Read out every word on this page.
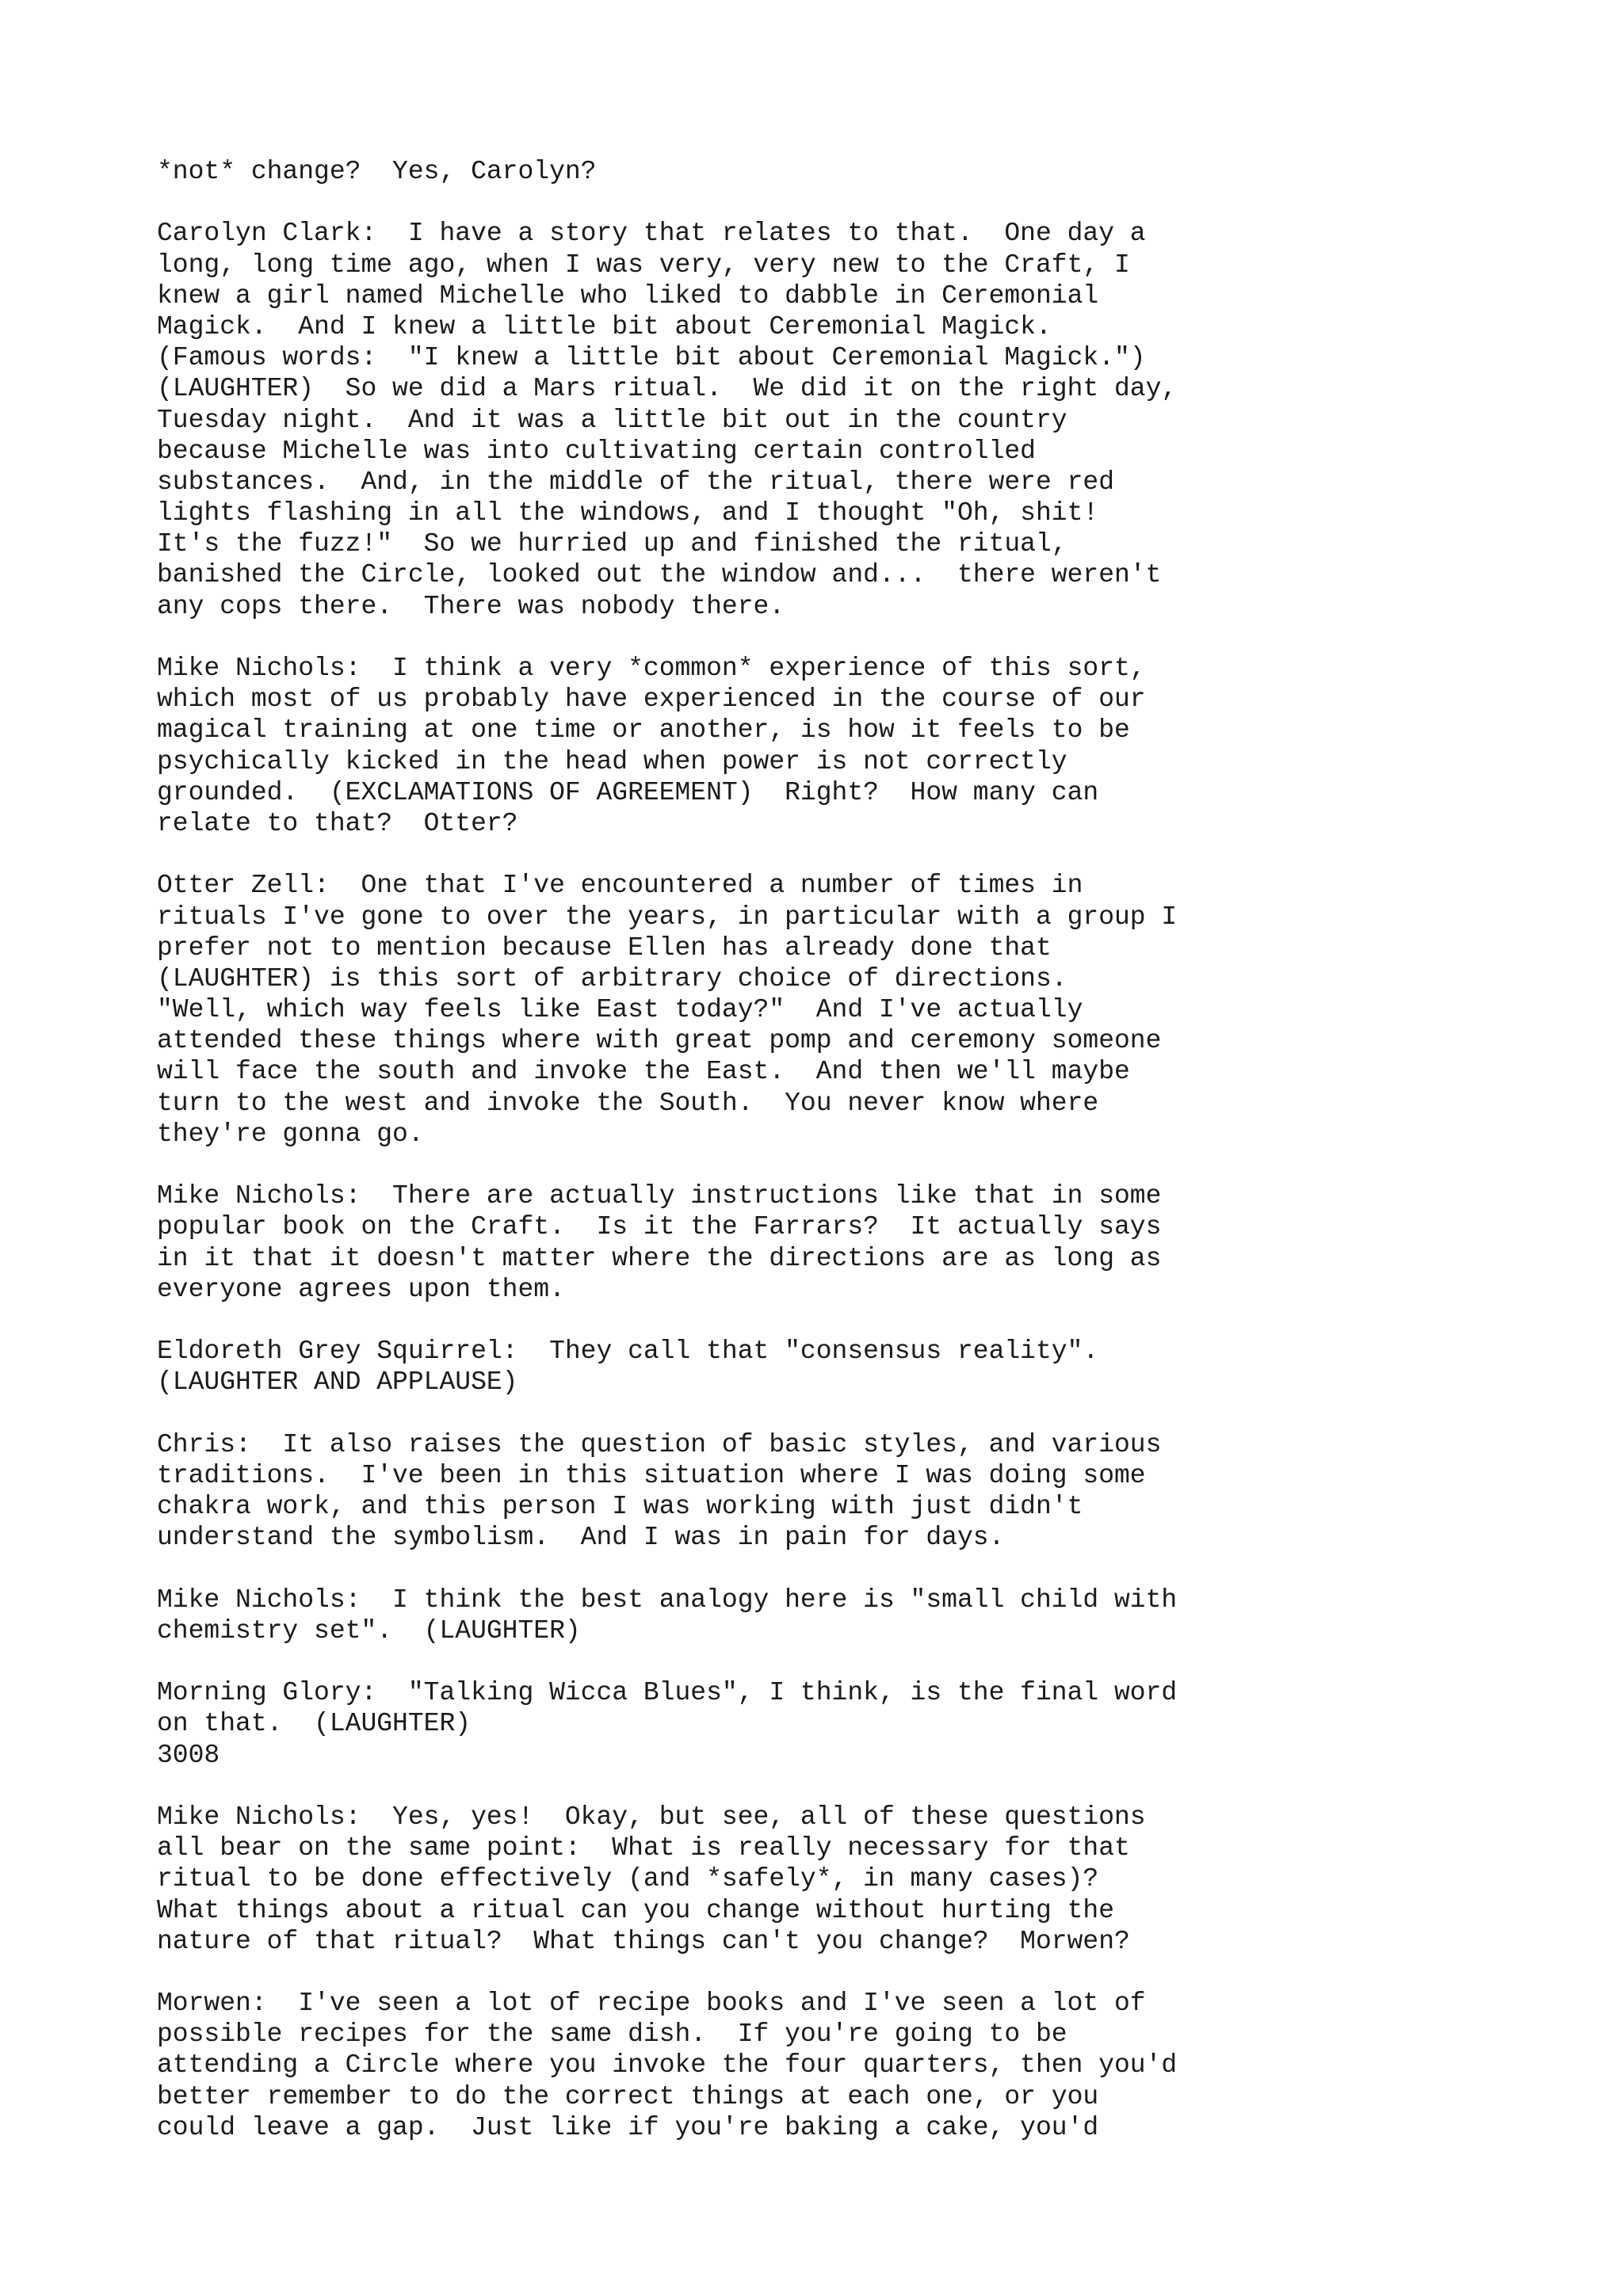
*not* change?  Yes, Carolyn?
Carolyn Clark:  I have a story that relates to that.  One day a
long, long time ago, when I was very, very new to the Craft, I
knew a girl named Michelle who liked to dabble in Ceremonial
Magick.  And I knew a little bit about Ceremonial Magick.
(Famous words:  "I knew a little bit about Ceremonial Magick.")
(LAUGHTER)  So we did a Mars ritual.  We did it on the right day,
Tuesday night.  And it was a little bit out in the country
because Michelle was into cultivating certain controlled
substances.  And, in the middle of the ritual, there were red
lights flashing in all the windows, and I thought "Oh, shit!
It's the fuzz!"  So we hurried up and finished the ritual,
banished the Circle, looked out the window and...  there weren't
any cops there.  There was nobody there.
Mike Nichols:  I think a very *common* experience of this sort,
which most of us probably have experienced in the course of our
magical training at one time or another, is how it feels to be
psychically kicked in the head when power is not correctly
grounded.  (EXCLAMATIONS OF AGREEMENT)  Right?  How many can
relate to that?  Otter?
Otter Zell:  One that I've encountered a number of times in
rituals I've gone to over the years, in particular with a group I
prefer not to mention because Ellen has already done that
(LAUGHTER) is this sort of arbitrary choice of directions.
"Well, which way feels like East today?"  And I've actually
attended these things where with great pomp and ceremony someone
will face the south and invoke the East.  And then we'll maybe
turn to the west and invoke the South.  You never know where
they're gonna go.
Mike Nichols:  There are actually instructions like that in some
popular book on the Craft.  Is it the Farrars?  It actually says
in it that it doesn't matter where the directions are as long as
everyone agrees upon them.
Eldoreth Grey Squirrel:  They call that "consensus reality".
(LAUGHTER AND APPLAUSE)
Chris:  It also raises the question of basic styles, and various
traditions.  I've been in this situation where I was doing some
chakra work, and this person I was working with just didn't
understand the symbolism.  And I was in pain for days.
Mike Nichols:  I think the best analogy here is "small child with
chemistry set".  (LAUGHTER)
Morning Glory:  "Talking Wicca Blues", I think, is the final word
on that.  (LAUGHTER)
3008
Mike Nichols:  Yes, yes!  Okay, but see, all of these questions
all bear on the same point:  What is really necessary for that
ritual to be done effectively (and *safely*, in many cases)?
What things about a ritual can you change without hurting the
nature of that ritual?  What things can't you change?  Morwen?
Morwen:  I've seen a lot of recipe books and I've seen a lot of
possible recipes for the same dish.  If you're going to be
attending a Circle where you invoke the four quarters, then you'd
better remember to do the correct things at each one, or you
could leave a gap.  Just like if you're baking a cake, you'd
